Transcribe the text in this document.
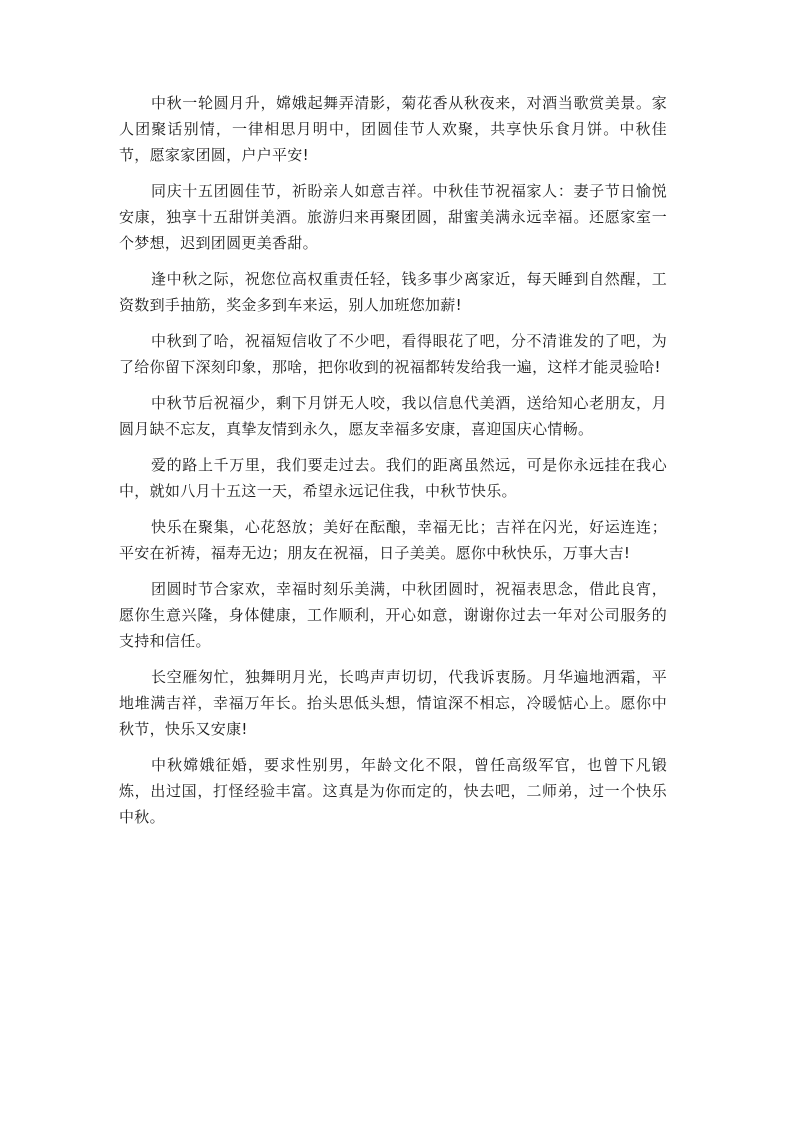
中秋一轮圆月升，嫦娥起舞弄清影，菊花香从秋夜来，对酒当歌赏美景。家人团聚话别情，一律相思月明中，团圆佳节人欢聚，共享快乐食月饼。中秋佳节，愿家家团圆，户户平安!

同庆十五团圆佳节，祈盼亲人如意吉祥。中秋佳节祝福家人：妻子节日愉悦安康，独享十五甜饼美酒。旅游归来再聚团圆，甜蜜美满永远幸福。还愿家室一个梦想，迟到团圆更美香甜。

逢中秋之际，祝您位高权重责任轻，钱多事少离家近，每天睡到自然醒，工资数到手抽筋，奖金多到车来运，别人加班您加薪!

中秋到了哈，祝福短信收了不少吧，看得眼花了吧，分不清谁发的了吧，为了给你留下深刻印象，那啥，把你收到的祝福都转发给我一遍，这样才能灵验哈!

中秋节后祝福少，剩下月饼无人咬，我以信息代美酒，送给知心老朋友，月圆月缺不忘友，真挚友情到永久，愿友幸福多安康，喜迎国庆心情畅。

爱的路上千万里，我们要走过去。我们的距离虽然远，可是你永远挂在我心中，就如八月十五这一天，希望永远记住我，中秋节快乐。

快乐在聚集，心花怒放；美好在酝酿，幸福无比；吉祥在闪光，好运连连；平安在祈祷，福寿无边；朋友在祝福，日子美美。愿你中秋快乐，万事大吉!

团圆时节合家欢，幸福时刻乐美满，中秋团圆时，祝福表思念，借此良宵，愿你生意兴隆，身体健康，工作顺利，开心如意，谢谢你过去一年对公司服务的支持和信任。

长空雁匆忙，独舞明月光，长鸣声声切切，代我诉衷肠。月华遍地洒霜，平地堆满吉祥，幸福万年长。抬头思低头想，情谊深不相忘，冷暖惦心上。愿你中秋节，快乐又安康!

中秋嫦娥征婚，要求性别男，年龄文化不限，曾任高级军官，也曾下凡锻炼，出过国，打怪经验丰富。这真是为你而定的，快去吧，二师弟，过一个快乐中秋。
